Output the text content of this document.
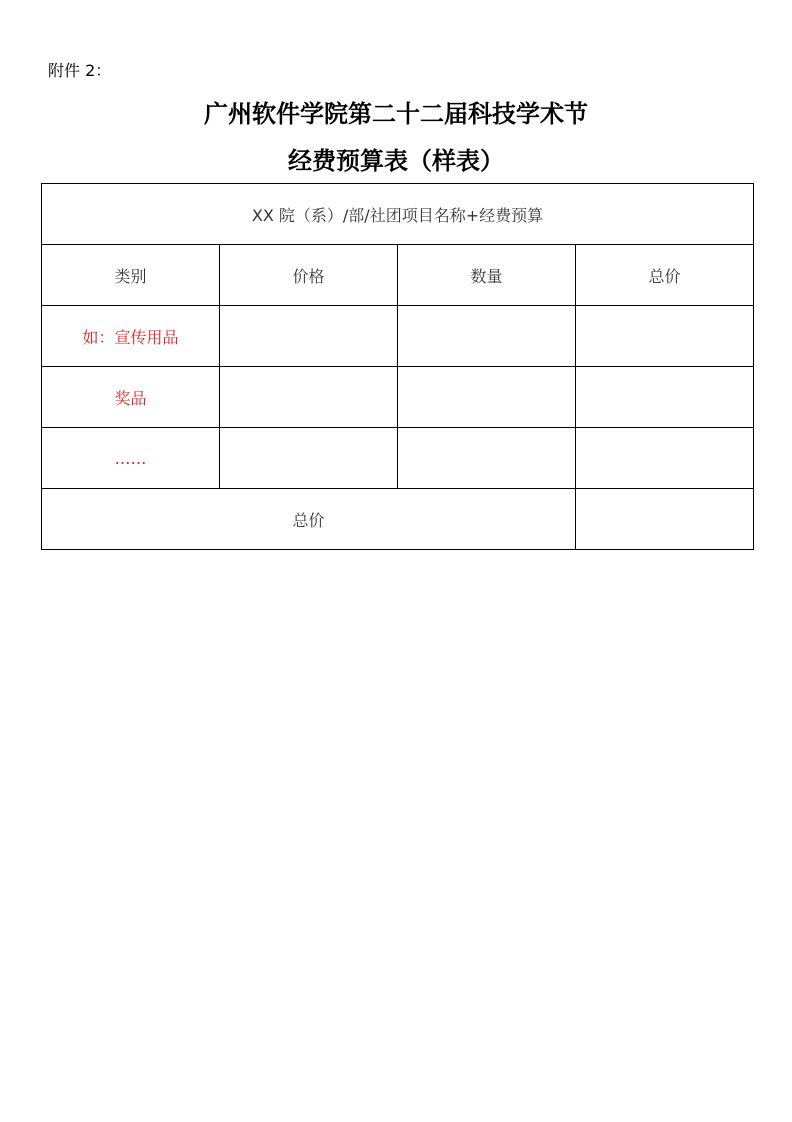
附件 2：
广州软件学院第二十二届科技学术节
经费预算表（样表）
XX 院（系）/部/社团项目名称+经费预算			
类别	价格	数量	总价
如：宣传用品			
奖品			
……			
总价			
